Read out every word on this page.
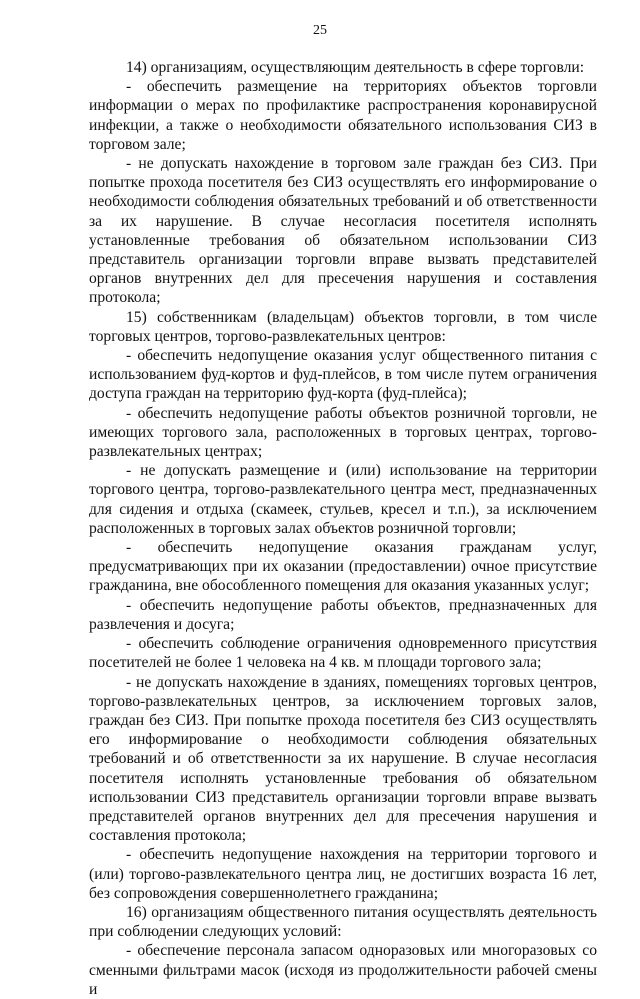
25

14) организациям, осуществляющим деятельность в сфере торговли:

- обеспечить размещение на территориях объектов торговли информации о мерах по профилактике распространения коронавирусной инфекции, а также о необходимости обязательного использования СИЗ в торговом зале;

- не допускать нахождение в торговом зале граждан без СИЗ. При попытке прохода посетителя без СИЗ осуществлять его информирование о необходимости соблюдения обязательных требований и об ответственности за их нарушение. В случае несогласия посетителя исполнять установленные требования об обязательном использовании СИЗ представитель организации торговли вправе вызвать представителей органов внутренних дел для пресечения нарушения и составления протокола;

15) собственникам (владельцам) объектов торговли, в том числе торговых центров, торгово-развлекательных центров:

- обеспечить недопущение оказания услуг общественного питания с использованием фуд-кортов и фуд-плейсов, в том числе путем ограничения доступа граждан на территорию фуд-корта (фуд-плейса);

- обеспечить недопущение работы объектов розничной торговли, не имеющих торгового зала, расположенных в торговых центрах, торгово-развлекательных центрах;

- не допускать размещение и (или) использование на территории торгового центра, торгово-развлекательного центра мест, предназначенных для сидения и отдыха (скамеек, стульев, кресел и т.п.), за исключением расположенных в торговых залах объектов розничной торговли;

- обеспечить недопущение оказания гражданам услуг, предусматривающих при их оказании (предоставлении) очное присутствие гражданина, вне обособленного помещения для оказания указанных услуг;

- обеспечить недопущение работы объектов, предназначенных для развлечения и досуга;

- обеспечить соблюдение ограничения одновременного присутствия посетителей не более 1 человека на 4 кв. м площади торгового зала;

- не допускать нахождение в зданиях, помещениях торговых центров, торгово-развлекательных центров, за исключением торговых залов, граждан без СИЗ. При попытке прохода посетителя без СИЗ осуществлять его информирование о необходимости соблюдения обязательных требований и об ответственности за их нарушение. В случае несогласия посетителя исполнять установленные требования об обязательном использовании СИЗ представитель организации торговли вправе вызвать представителей органов внутренних дел для пресечения нарушения и составления протокола;

- обеспечить недопущение нахождения на территории торгового и (или) торгово-развлекательного центра лиц, не достигших возраста 16 лет, без сопровождения совершеннолетнего гражданина;

16) организациям общественного питания осуществлять деятельность при соблюдении следующих условий:

- обеспечение персонала запасом одноразовых или многоразовых со сменными фильтрами масок (исходя из продолжительности рабочей смены и
